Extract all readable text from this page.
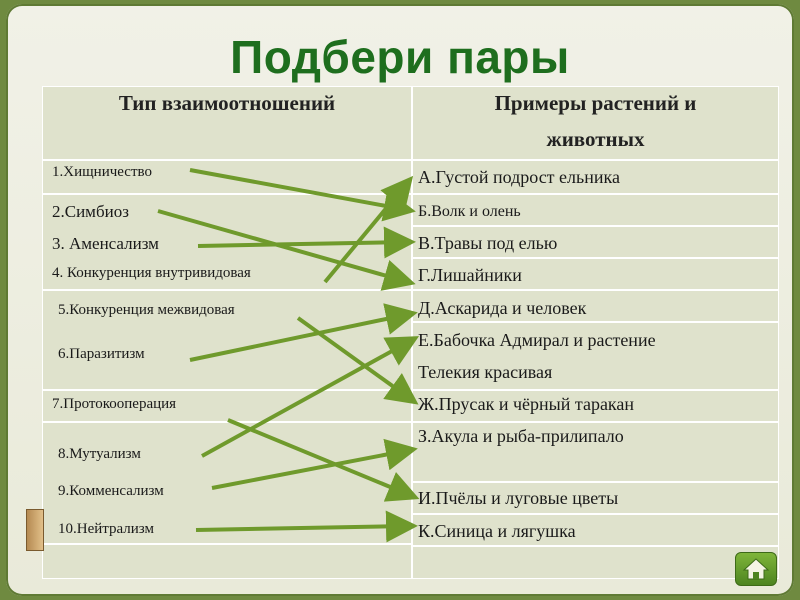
Подбери пары
Тип взаимоотношений	Примеры растений и
животных
1.Хищничество
2.Симбиоз
3. Аменсализм
4. Конкуренция внутривидовая
5.Конкуренция межвидовая
6.Паразитизм
7.Протокооперация
8.Мутуализм
9.Комменсализм
10.Нейтрализм
А.Густой подрост ельника
Б.Волк и олень
В.Травы под елью
Г.Лишайники
Д.Аскарида и человек
Е.Бабочка Адмирал и растение
Телекия красивая
Ж.Прусак и чёрный таракан
З.Акула и рыба-прилипало
И.Пчёлы и луговые цветы
К.Синица и лягушка
